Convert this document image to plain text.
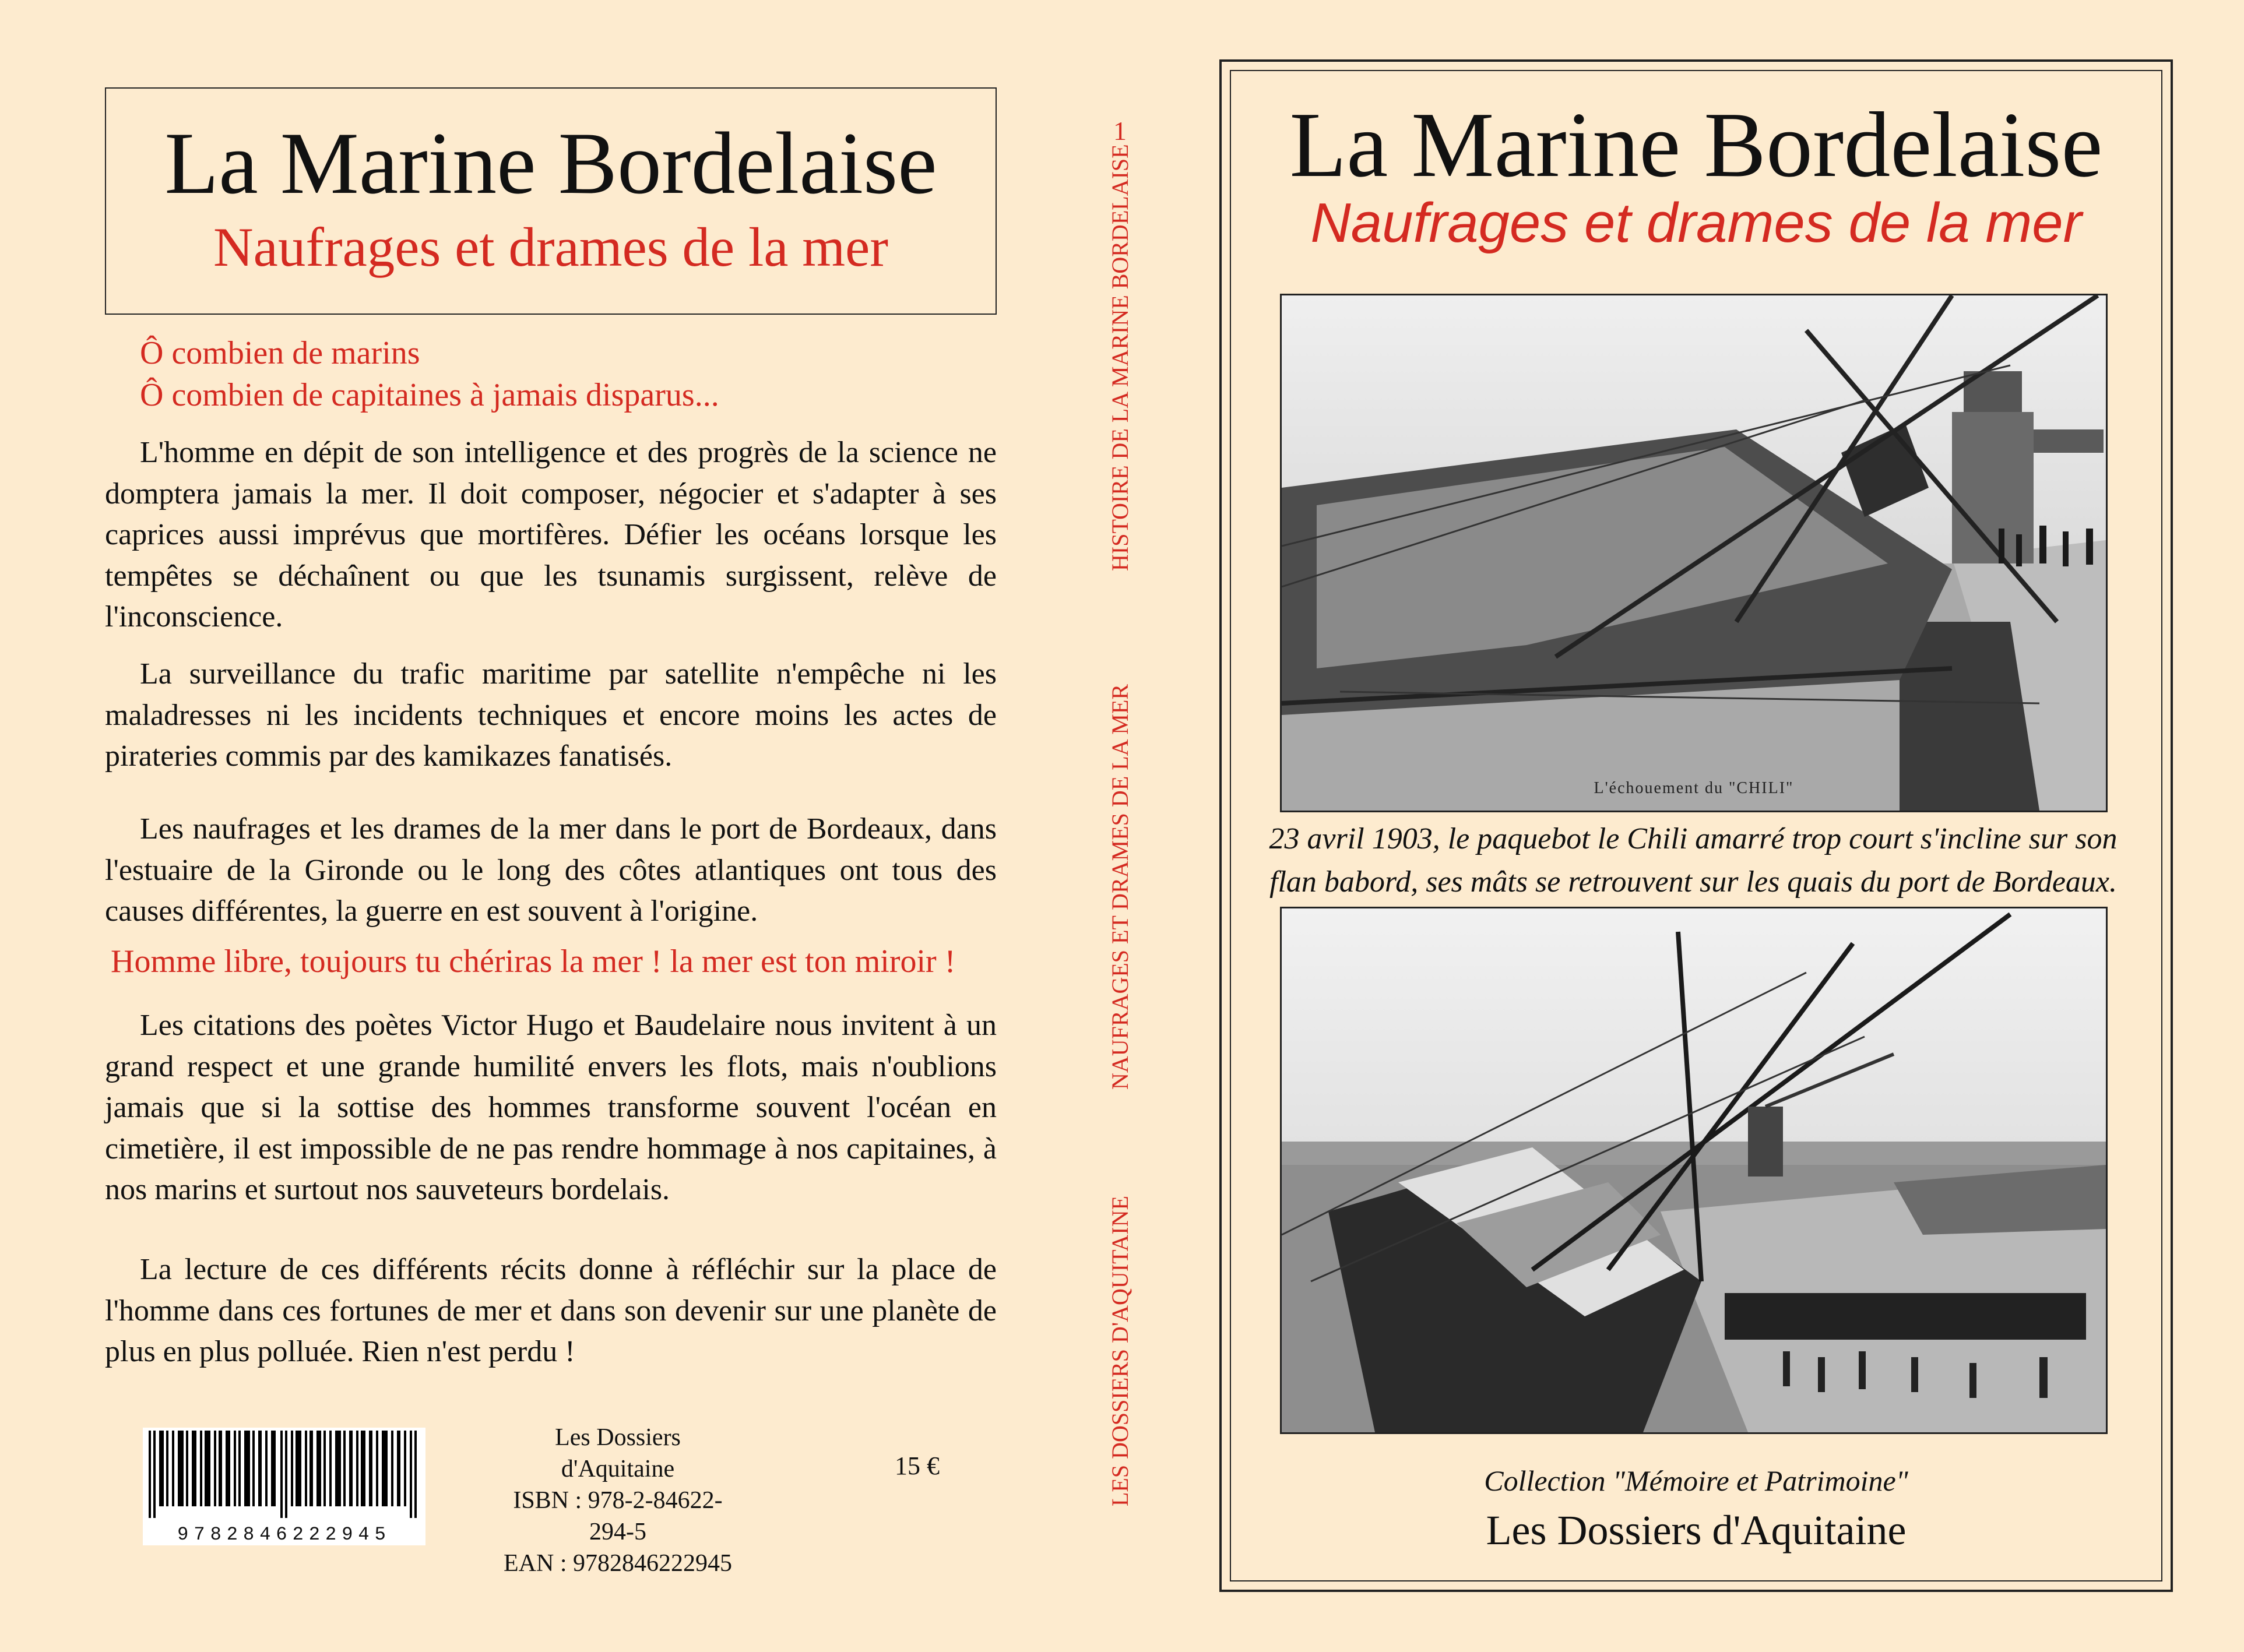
La Marine Bordelaise
Naufrages et drames de la mer
Ô combien de marins
Ô combien de capitaines à jamais disparus...

L'homme en dépit de son intelligence et des progrès de la science ne domptera jamais la mer. Il doit composer, négocier et s'adapter à ses caprices aussi imprévus que mortifères. Défier les océans lorsque les tempêtes se déchaînent ou que les tsunamis surgissent, relève de l'inconscience.

La surveillance du trafic maritime par satellite n'empêche ni les maladresses ni les incidents techniques et encore moins les actes de pirateries commis par des kamikazes fanatisés.

Les naufrages et les drames de la mer dans le port de Bordeaux, dans l'estuaire de la Gironde ou le long des côtes atlantiques ont tous des causes différentes, la guerre en est souvent à l'origine.

Homme libre, toujours tu chériras la mer ! la mer est ton miroir !

Les citations des poètes Victor Hugo et Baudelaire nous invitent à un grand respect et une grande humilité envers les flots, mais n'oublions jamais que si la sottise des hommes transforme souvent l'océan en cimetière, il est impossible de ne pas rendre hommage à nos capitaines, à nos marins et surtout nos sauveteurs bordelais.

La lecture de ces différents récits donne à réfléchir sur la place de l'homme dans ces fortunes de mer et dans son devenir sur une planète de plus en plus polluée. Rien n'est perdu !

9782846222945
Les Dossiers d'Aquitaine
ISBN : 978-2-84622-294-5
EAN : 9782846222945
15 €
1
HISTOIRE DE LA MARINE BORDELAISE
NAUFRAGES ET DRAMES DE LA MER
LES DOSSIERS D'AQUITAINE
La Marine Bordelaise
Naufrages et drames de la mer
L'échouement du "CHILI"
23 avril 1903, le paquebot le Chili amarré trop court s'incline sur son flan babord, ses mâts se retrouvent sur les quais du port de Bordeaux.
Collection "Mémoire et Patrimoine"
Les Dossiers d'Aquitaine
